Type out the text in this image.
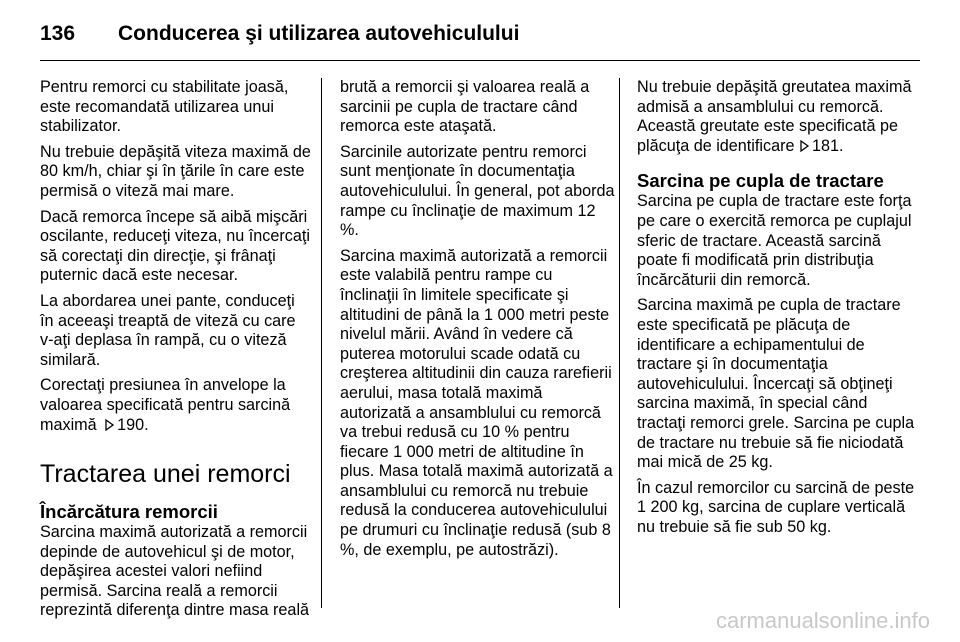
136 Conducerea şi utilizarea autovehiculului

Pentru remorci cu stabilitate joasă, este recomandată utilizarea unui stabilizator.

Nu trebuie depăşită viteza maximă de 80 km/h, chiar şi în ţările în care este permisă o viteză mai mare.

Dacă remorca începe să aibă mişcări oscilante, reduceţi viteza, nu încercaţi să corectaţi din direcţie, şi frânaţi puternic dacă este necesar.

La abordarea unei pante, conduceţi în aceeaşi treaptă de viteză cu care v-aţi deplasa în rampă, cu o viteză similară.

Corectaţi presiunea în anvelope la valoarea specificată pentru sarcină maximă 190.

Tractarea unei remorci
Încărcătura remorcii

Sarcina maximă autorizată a remorcii depinde de autovehicul şi de motor, depăşirea acestei valori nefiind permisă. Sarcina reală a remorcii reprezintă diferenţa dintre masa reală

brută a remorcii şi valoarea reală a sarcinii pe cupla de tractare când remorca este ataşată.

Sarcinile autorizate pentru remorci sunt menţionate în documentaţia autovehiculului. În general, pot aborda rampe cu înclinaţie de maximum 12 %.

Sarcina maximă autorizată a remorcii este valabilă pentru rampe cu înclinaţii în limitele specificate şi altitudini de până la 1 000 metri peste nivelul mării. Având în vedere că puterea motorului scade odată cu creşterea altitudinii din cauza rarefierii aerului, masa totală maximă autorizată a ansamblului cu remorcă va trebui redusă cu 10 % pentru fiecare 1 000 metri de altitudine în plus. Masa totală maximă autorizată a ansamblului cu remorcă nu trebuie redusă la conducerea autovehiculului pe drumuri cu înclinaţie redusă (sub 8 %, de exemplu, pe autostrăzi).

Nu trebuie depăşită greutatea maximă admisă a ansamblului cu remorcă. Această greutate este specificată pe plăcuţa de identificare 181.

Sarcina pe cupla de tractare

Sarcina pe cupla de tractare este forţa pe care o exercită remorca pe cuplajul sferic de tractare. Această sarcină poate fi modificată prin distribuţia încărcăturii din remorcă.

Sarcina maximă pe cupla de tractare este specificată pe plăcuţa de identificare a echipamentului de tractare şi în documentaţia autovehiculului. Încercaţi să obţineţi sarcina maximă, în special când tractaţi remorci grele. Sarcina pe cupla de tractare nu trebuie să fie niciodată mai mică de 25 kg.

În cazul remorcilor cu sarcină de peste 1 200 kg, sarcina de cuplare verticală nu trebuie să fie sub 50 kg.

carmanualsonline.info
